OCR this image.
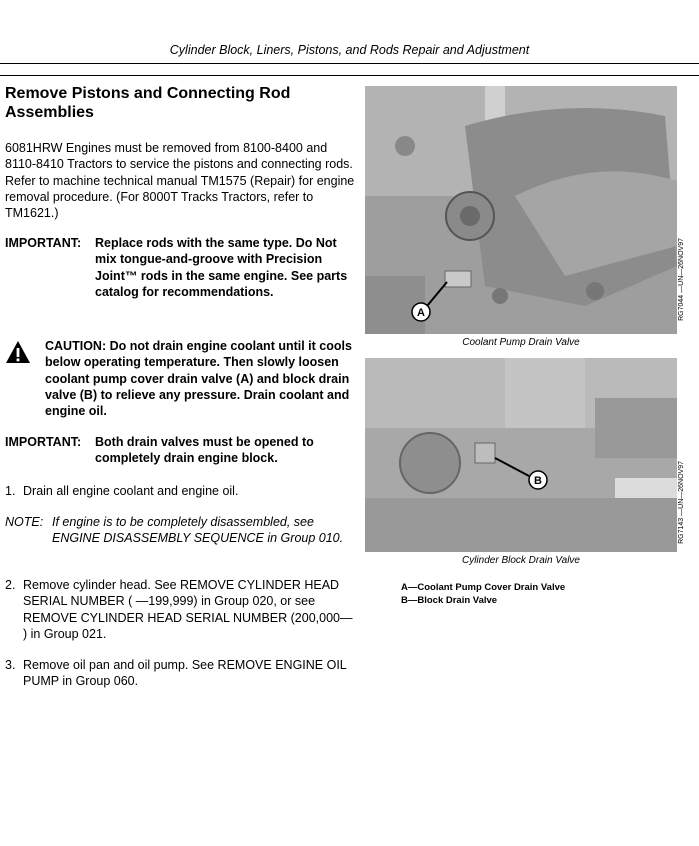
Cylinder Block, Liners, Pistons, and Rods Repair and Adjustment
Remove Pistons and Connecting Rod Assemblies
6081HRW Engines must be removed from 8100-8400 and 8110-8410 Tractors to service the pistons and connecting rods. Refer to machine technical manual TM1575 (Repair) for engine removal procedure. (For 8000T Tracks Tractors, refer to TM1621.)
IMPORTANT: Replace rods with the same type. Do Not mix tongue-and-groove with Precision Joint™ rods in the same engine. See parts catalog for recommendations.
CAUTION: Do not drain engine coolant until it cools below operating temperature. Then slowly loosen coolant pump cover drain valve (A) and block drain valve (B) to relieve any pressure. Drain coolant and engine oil.
IMPORTANT: Both drain valves must be opened to completely drain engine block.
1. Drain all engine coolant and engine oil.
NOTE: If engine is to be completely disassembled, see ENGINE DISASSEMBLY SEQUENCE in Group 010.
2. Remove cylinder head. See REMOVE CYLINDER HEAD SERIAL NUMBER ( —199,999) in Group 020, or see REMOVE CYLINDER HEAD SERIAL NUMBER (200,000— ) in Group 021.
3. Remove oil pan and oil pump. See REMOVE ENGINE OIL PUMP in Group 060.
A	RG7044 —UN—26NOV97
Coolant Pump Drain Valve
B	RG7143 —UN—26NOV97
Cylinder Block Drain Valve
A—Coolant Pump Cover Drain Valve
B—Block Drain Valve
